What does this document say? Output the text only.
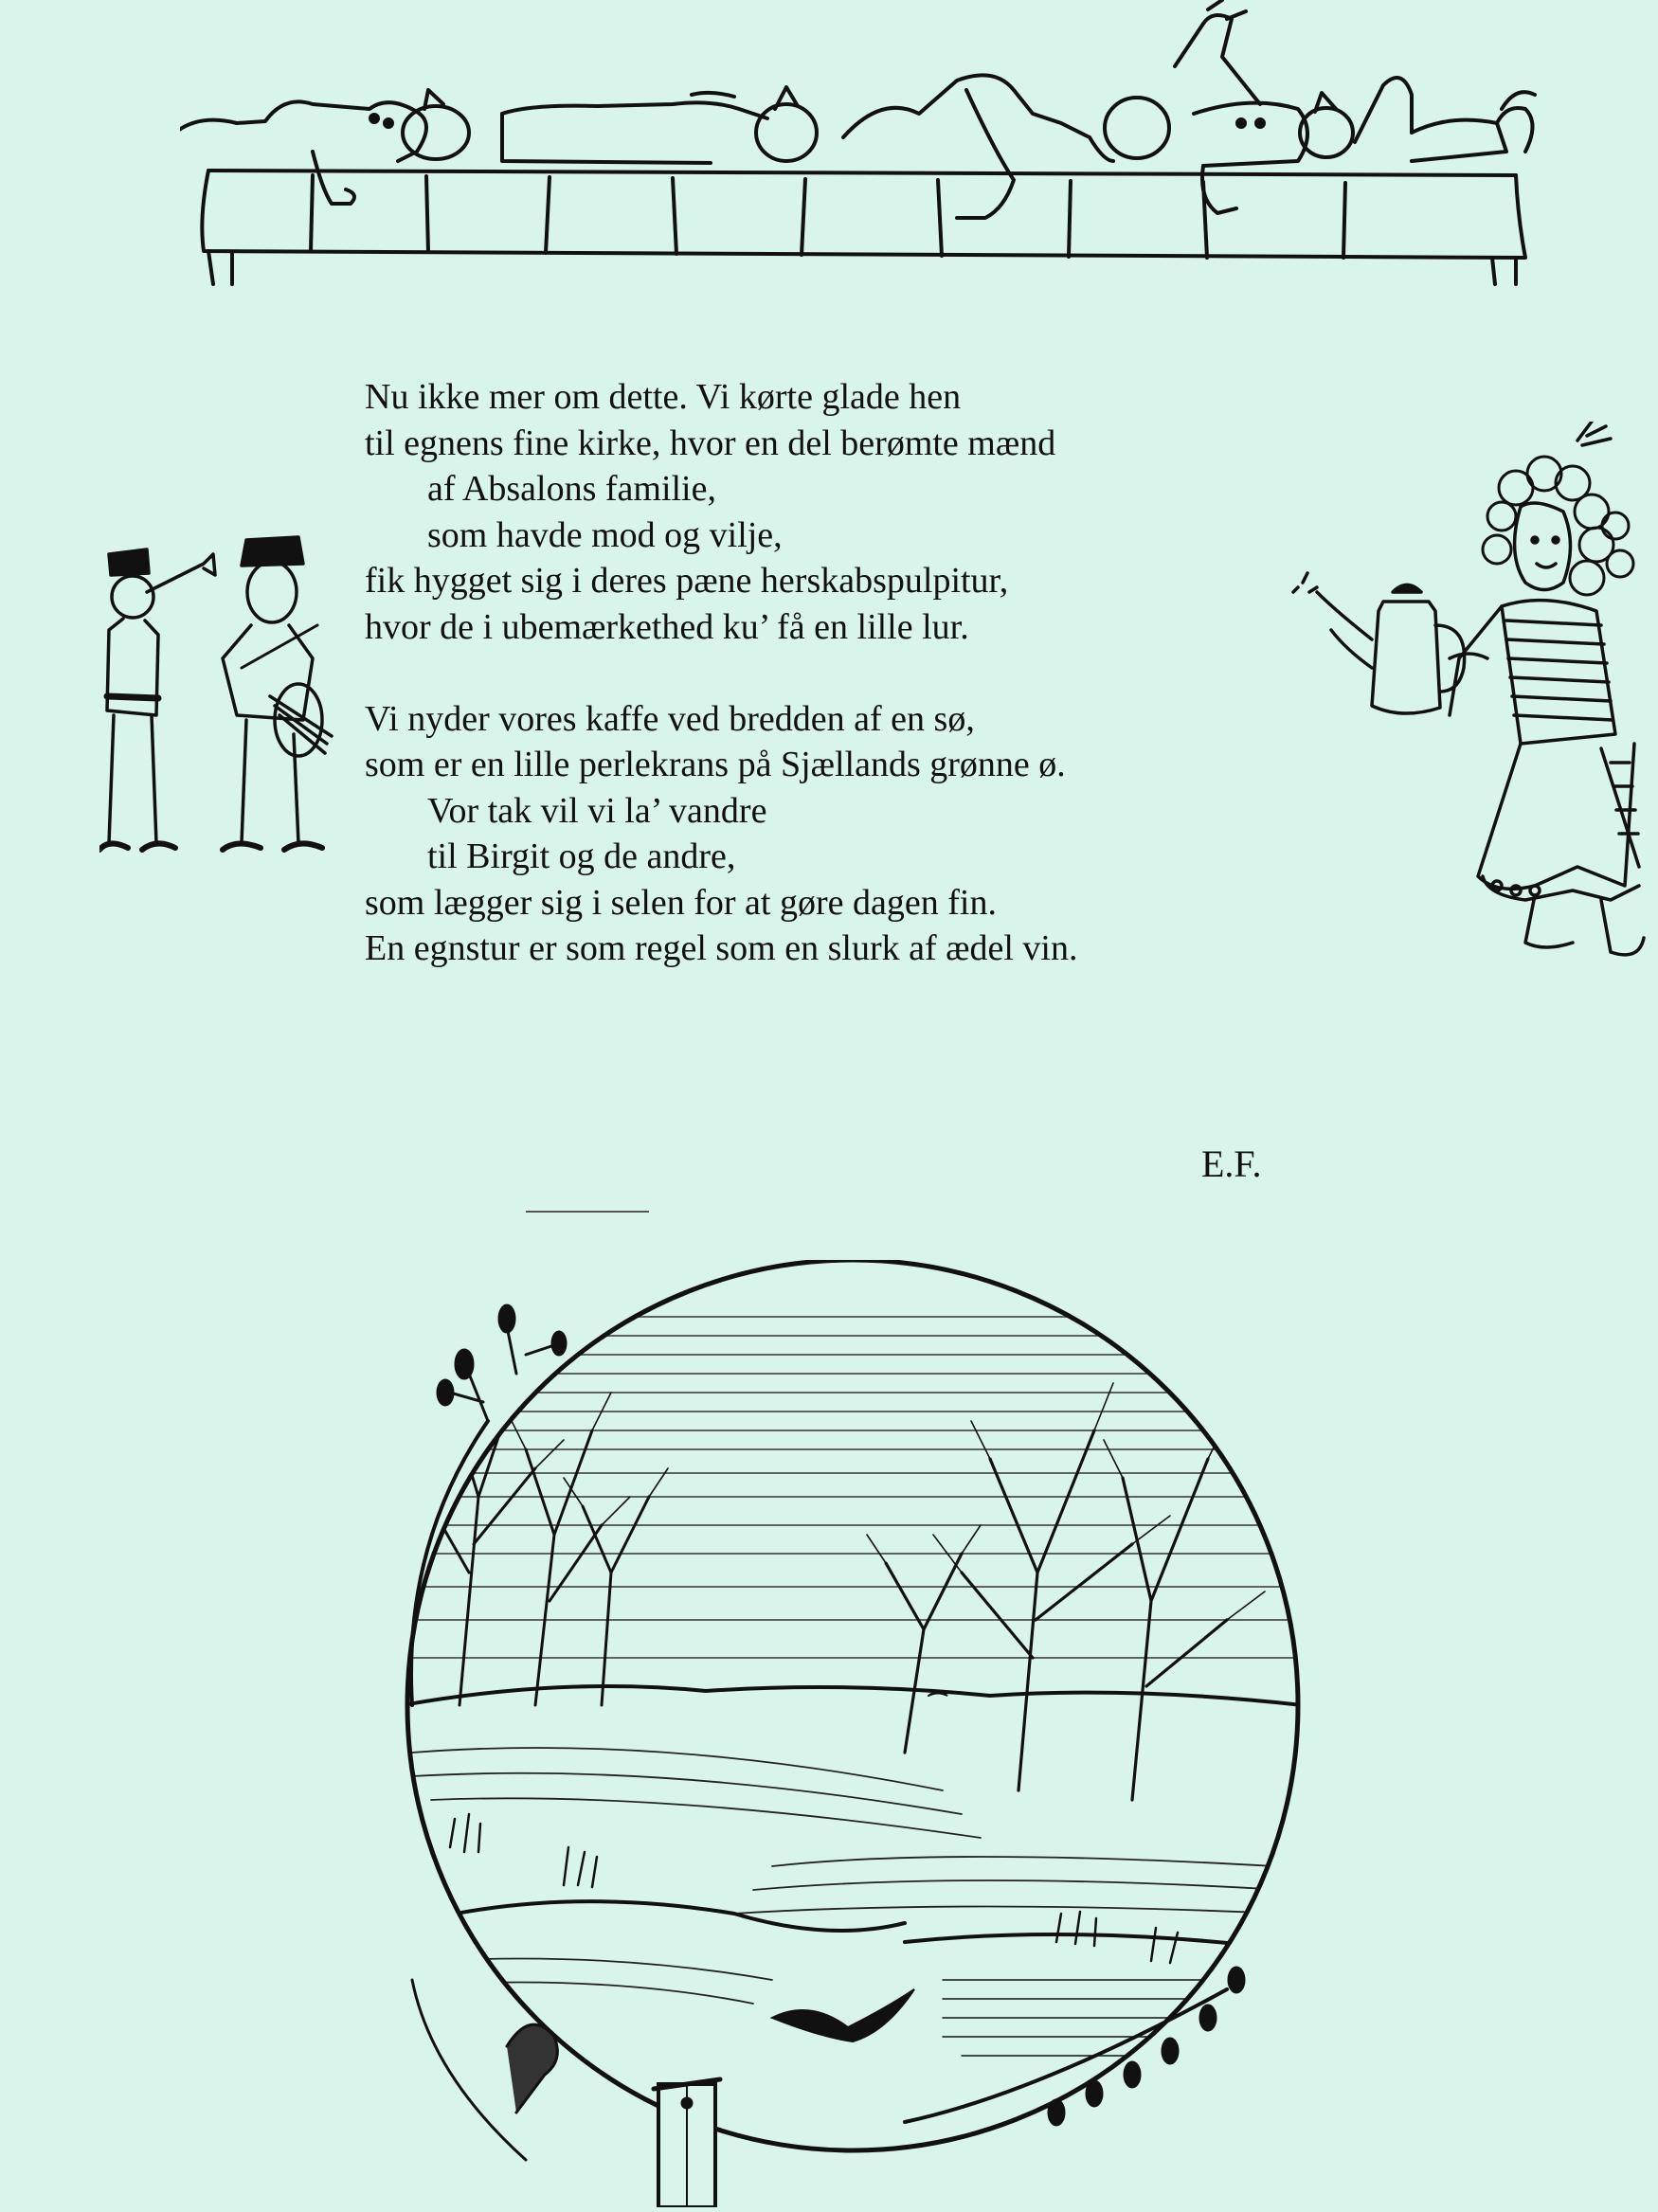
Nu ikke mer om dette. Vi kørte glade hen
til egnens fine kirke, hvor en del berømte mænd
af Absalons familie,
som havde mod og vilje,
fik hygget sig i deres pæne herskabspulpitur,
hvor de i ubemærkethed ku’ få en lille lur.
Vi nyder vores kaffe ved bredden af en sø,
som er en lille perlekrans på Sjællands grønne ø.
Vor tak vil vi la’ vandre
til Birgit og de andre,
som lægger sig i selen for at gøre dagen fin.
En egnstur er som regel som en slurk af ædel vin.
E.F.
